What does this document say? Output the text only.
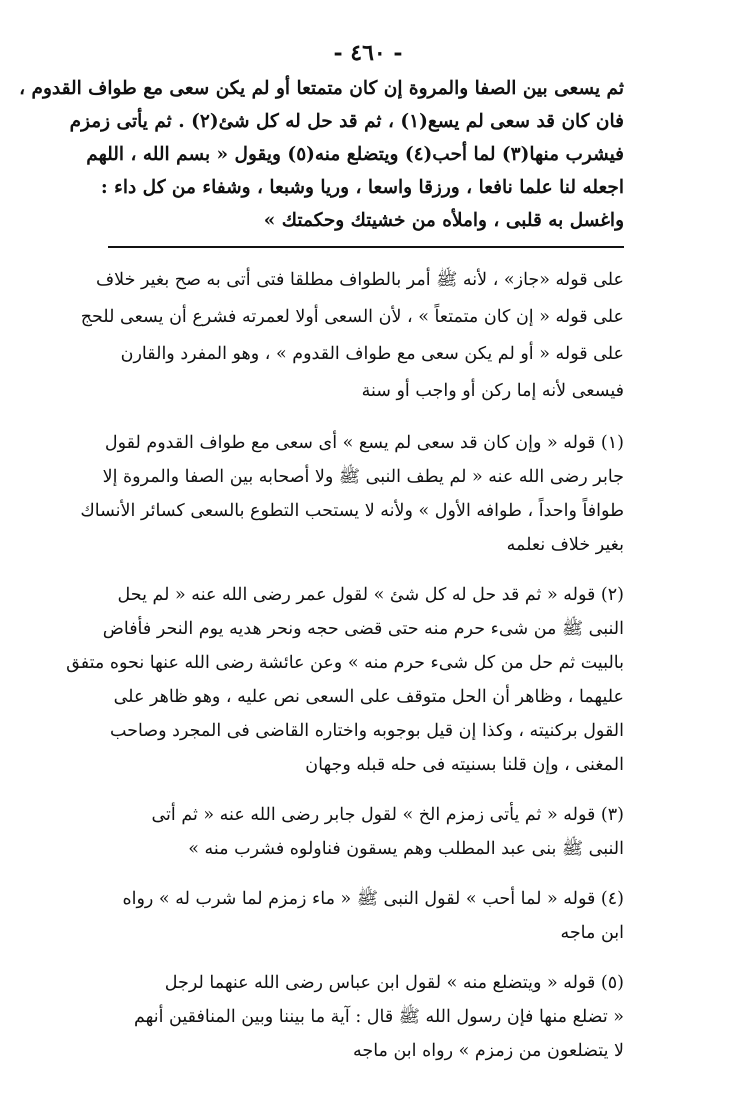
- ٤٦٠ -
ثم يسعى بين الصفا والمروة إن كان متمتعا أو لم يكن سعى مع طواف القدوم ،
فان كان قد سعى لم يسع(١) ، ثم قد حل له كل شئ(٢) . ثم يأتى زمزم
فيشرب منها(٣) لما أحب(٤) ويتضلع منه(٥) ويقول « بسم الله ، اللهم
اجعله لنا علما نافعا ، ورزقا واسعا ، وريا وشبعا ، وشفاء من كل داء :
واغسل به قلبى ، واملأه من خشيتك وحكمتك »
على قوله «جاز» ، لأنه ﷺ أمر بالطواف مطلقا فتى أتى به صح بغير خلاف
على قوله « إن كان متمتعاً » ، لأن السعى أولا لعمرته فشرع أن يسعى للحج
على قوله « أو لم يكن سعى مع طواف القدوم » ، وهو المفرد والقارن
فيسعى لأنه إما ركن أو واجب أو سنة
(١) قوله « وإن كان قد سعى لم يسع » أى سعى مع طواف القدوم لقول
جابر رضى الله عنه « لم يطف النبى ﷺ ولا أصحابه بين الصفا والمروة إلا
طوافاً واحداً ، طوافه الأول » ولأنه لا يستحب التطوع بالسعى كسائر الأنساك
بغير خلاف نعلمه
(٢) قوله « ثم قد حل له كل شئ » لقول عمر رضى الله عنه « لم يحل
النبى ﷺ من شىء حرم منه حتى قضى حجه ونحر هديه يوم النحر فأفاض
بالبيت ثم حل من كل شىء حرم منه » وعن عائشة رضى الله عنها نحوه متفق
عليهما ، وظاهر أن الحل متوقف على السعى نص عليه ، وهو ظاهر على
القول بركنيته ، وكذا إن قيل بوجوبه واختاره القاضى فى المجرد وصاحب
المغنى ، وإن قلنا بسنيته فى حله قبله وجهان
(٣) قوله « ثم يأتى زمزم الخ » لقول جابر رضى الله عنه « ثم أتى
النبى ﷺ بنى عبد المطلب وهم يسقون فناولوه فشرب منه »
(٤) قوله « لما أحب » لقول النبى ﷺ « ماء زمزم لما شرب له » رواه
ابن ماجه
(٥) قوله « ويتضلع منه » لقول ابن عباس رضى الله عنهما لرجل
« تضلع منها فإن رسول الله ﷺ قال : آية ما بيننا وبين المنافقين أنهم
لا يتضلعون من زمزم » رواه ابن ماجه
